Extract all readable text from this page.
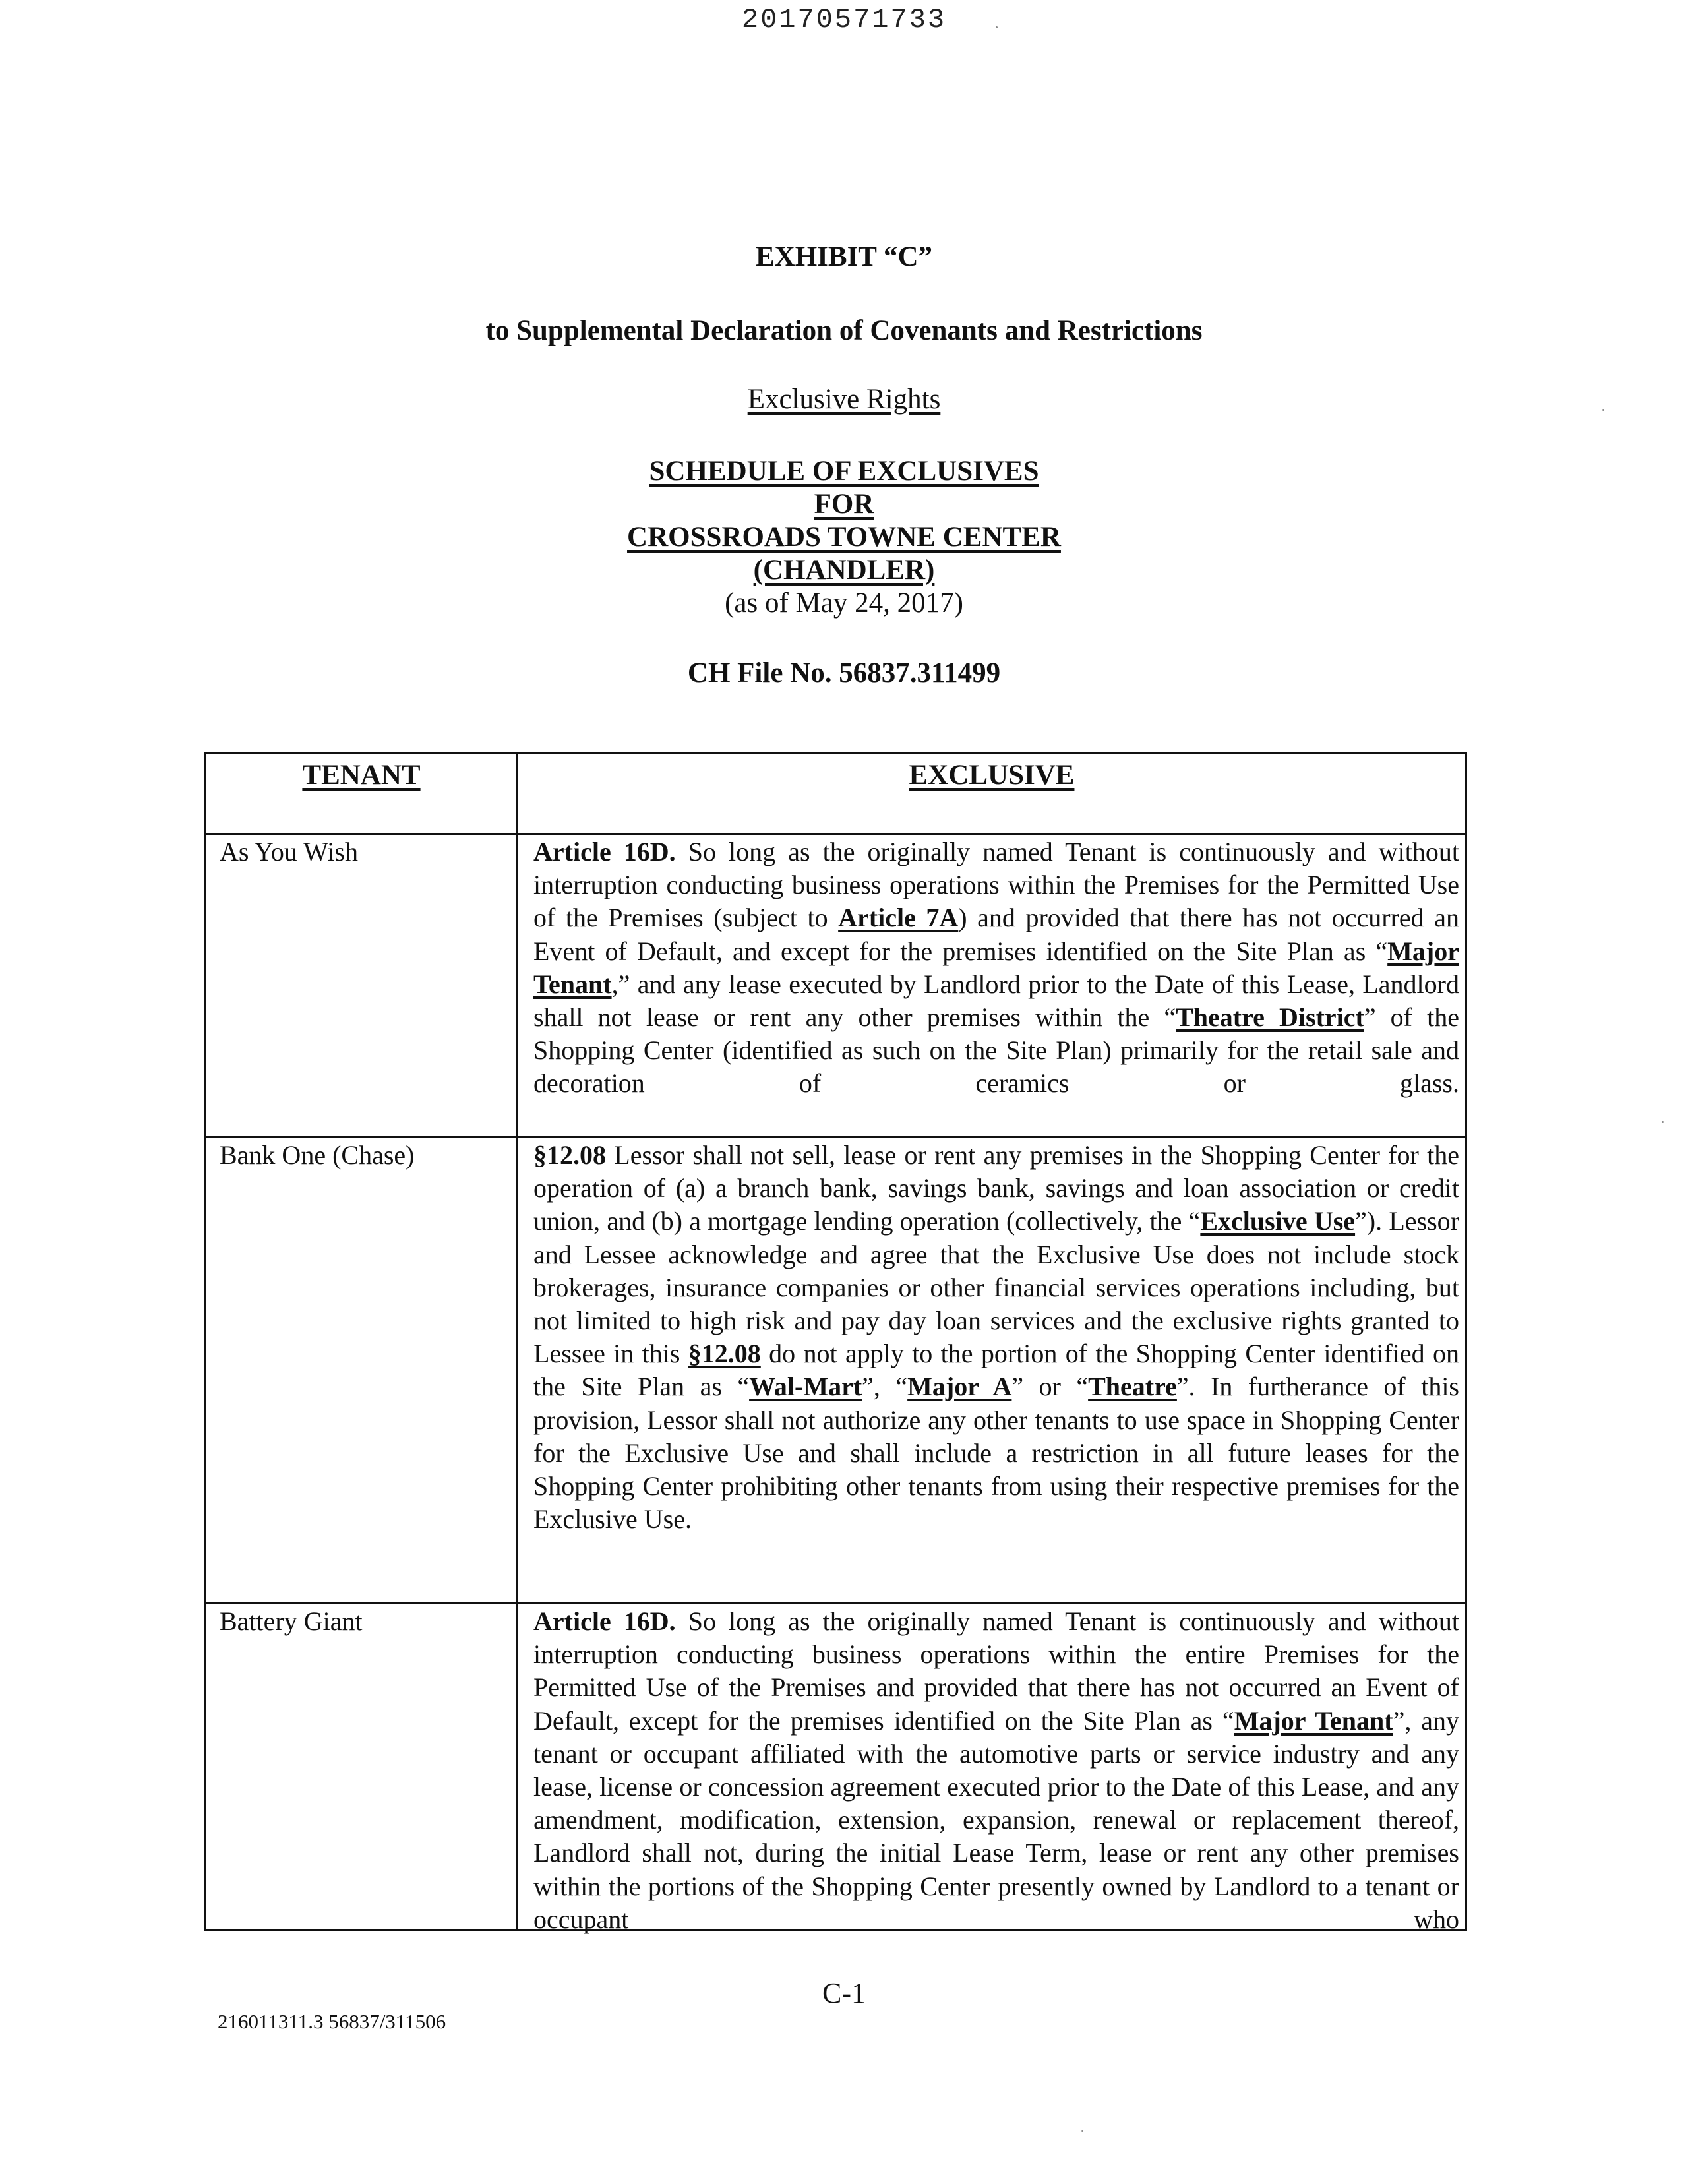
20170571733
EXHIBIT “C”
to Supplemental Declaration of Covenants and Restrictions
Exclusive Rights
SCHEDULE OF EXCLUSIVES
FOR
CROSSROADS TOWNE CENTER
(CHANDLER)
(as of May 24, 2017)
CH File No. 56837.311499
TENANT	EXCLUSIVE
As You Wish	Article 16D. So long as the originally named Tenant is continuously and without interruption conducting business operations within the Premises for the Permitted Use of the Premises (subject to Article 7A) and provided that there has not occurred an Event of Default, and except for the premises identified on the Site Plan as “Major Tenant,” and any lease executed by Landlord prior to the Date of this Lease, Landlord shall not lease or rent any other premises within the “Theatre District” of the Shopping Center (identified as such on the Site Plan) primarily for the retail sale and decoration of ceramics or glass.
Bank One (Chase)	§12.08 Lessor shall not sell, lease or rent any premises in the Shopping Center for the operation of (a) a branch bank, savings bank, savings and loan association or credit union, and (b) a mortgage lending operation (collectively, the “Exclusive Use”). Lessor and Lessee acknowledge and agree that the Exclusive Use does not include stock brokerages, insurance companies or other financial services operations including, but not limited to high risk and pay day loan services and the exclusive rights granted to Lessee in this §12.08 do not apply to the portion of the Shopping Center identified on the Site Plan as “Wal-Mart”, “Major A” or “Theatre”. In furtherance of this provision, Lessor shall not authorize any other tenants to use space in Shopping Center for the Exclusive Use and shall include a restriction in all future leases for the Shopping Center prohibiting other tenants from using their respective premises for the Exclusive Use.
Battery Giant	Article 16D. So long as the originally named Tenant is continuously and without interruption conducting business operations within the entire Premises for the Permitted Use of the Premises and provided that there has not occurred an Event of Default, except for the premises identified on the Site Plan as “Major Tenant”, any tenant or occupant affiliated with the automotive parts or service industry and any lease, license or concession agreement executed prior to the Date of this Lease, and any amendment, modification, extension, expansion, renewal or replacement thereof, Landlord shall not, during the initial Lease Term, lease or rent any other premises within the portions of the Shopping Center presently owned by Landlord to a tenant or occupant who
C-1
216011311.3 56837/311506
